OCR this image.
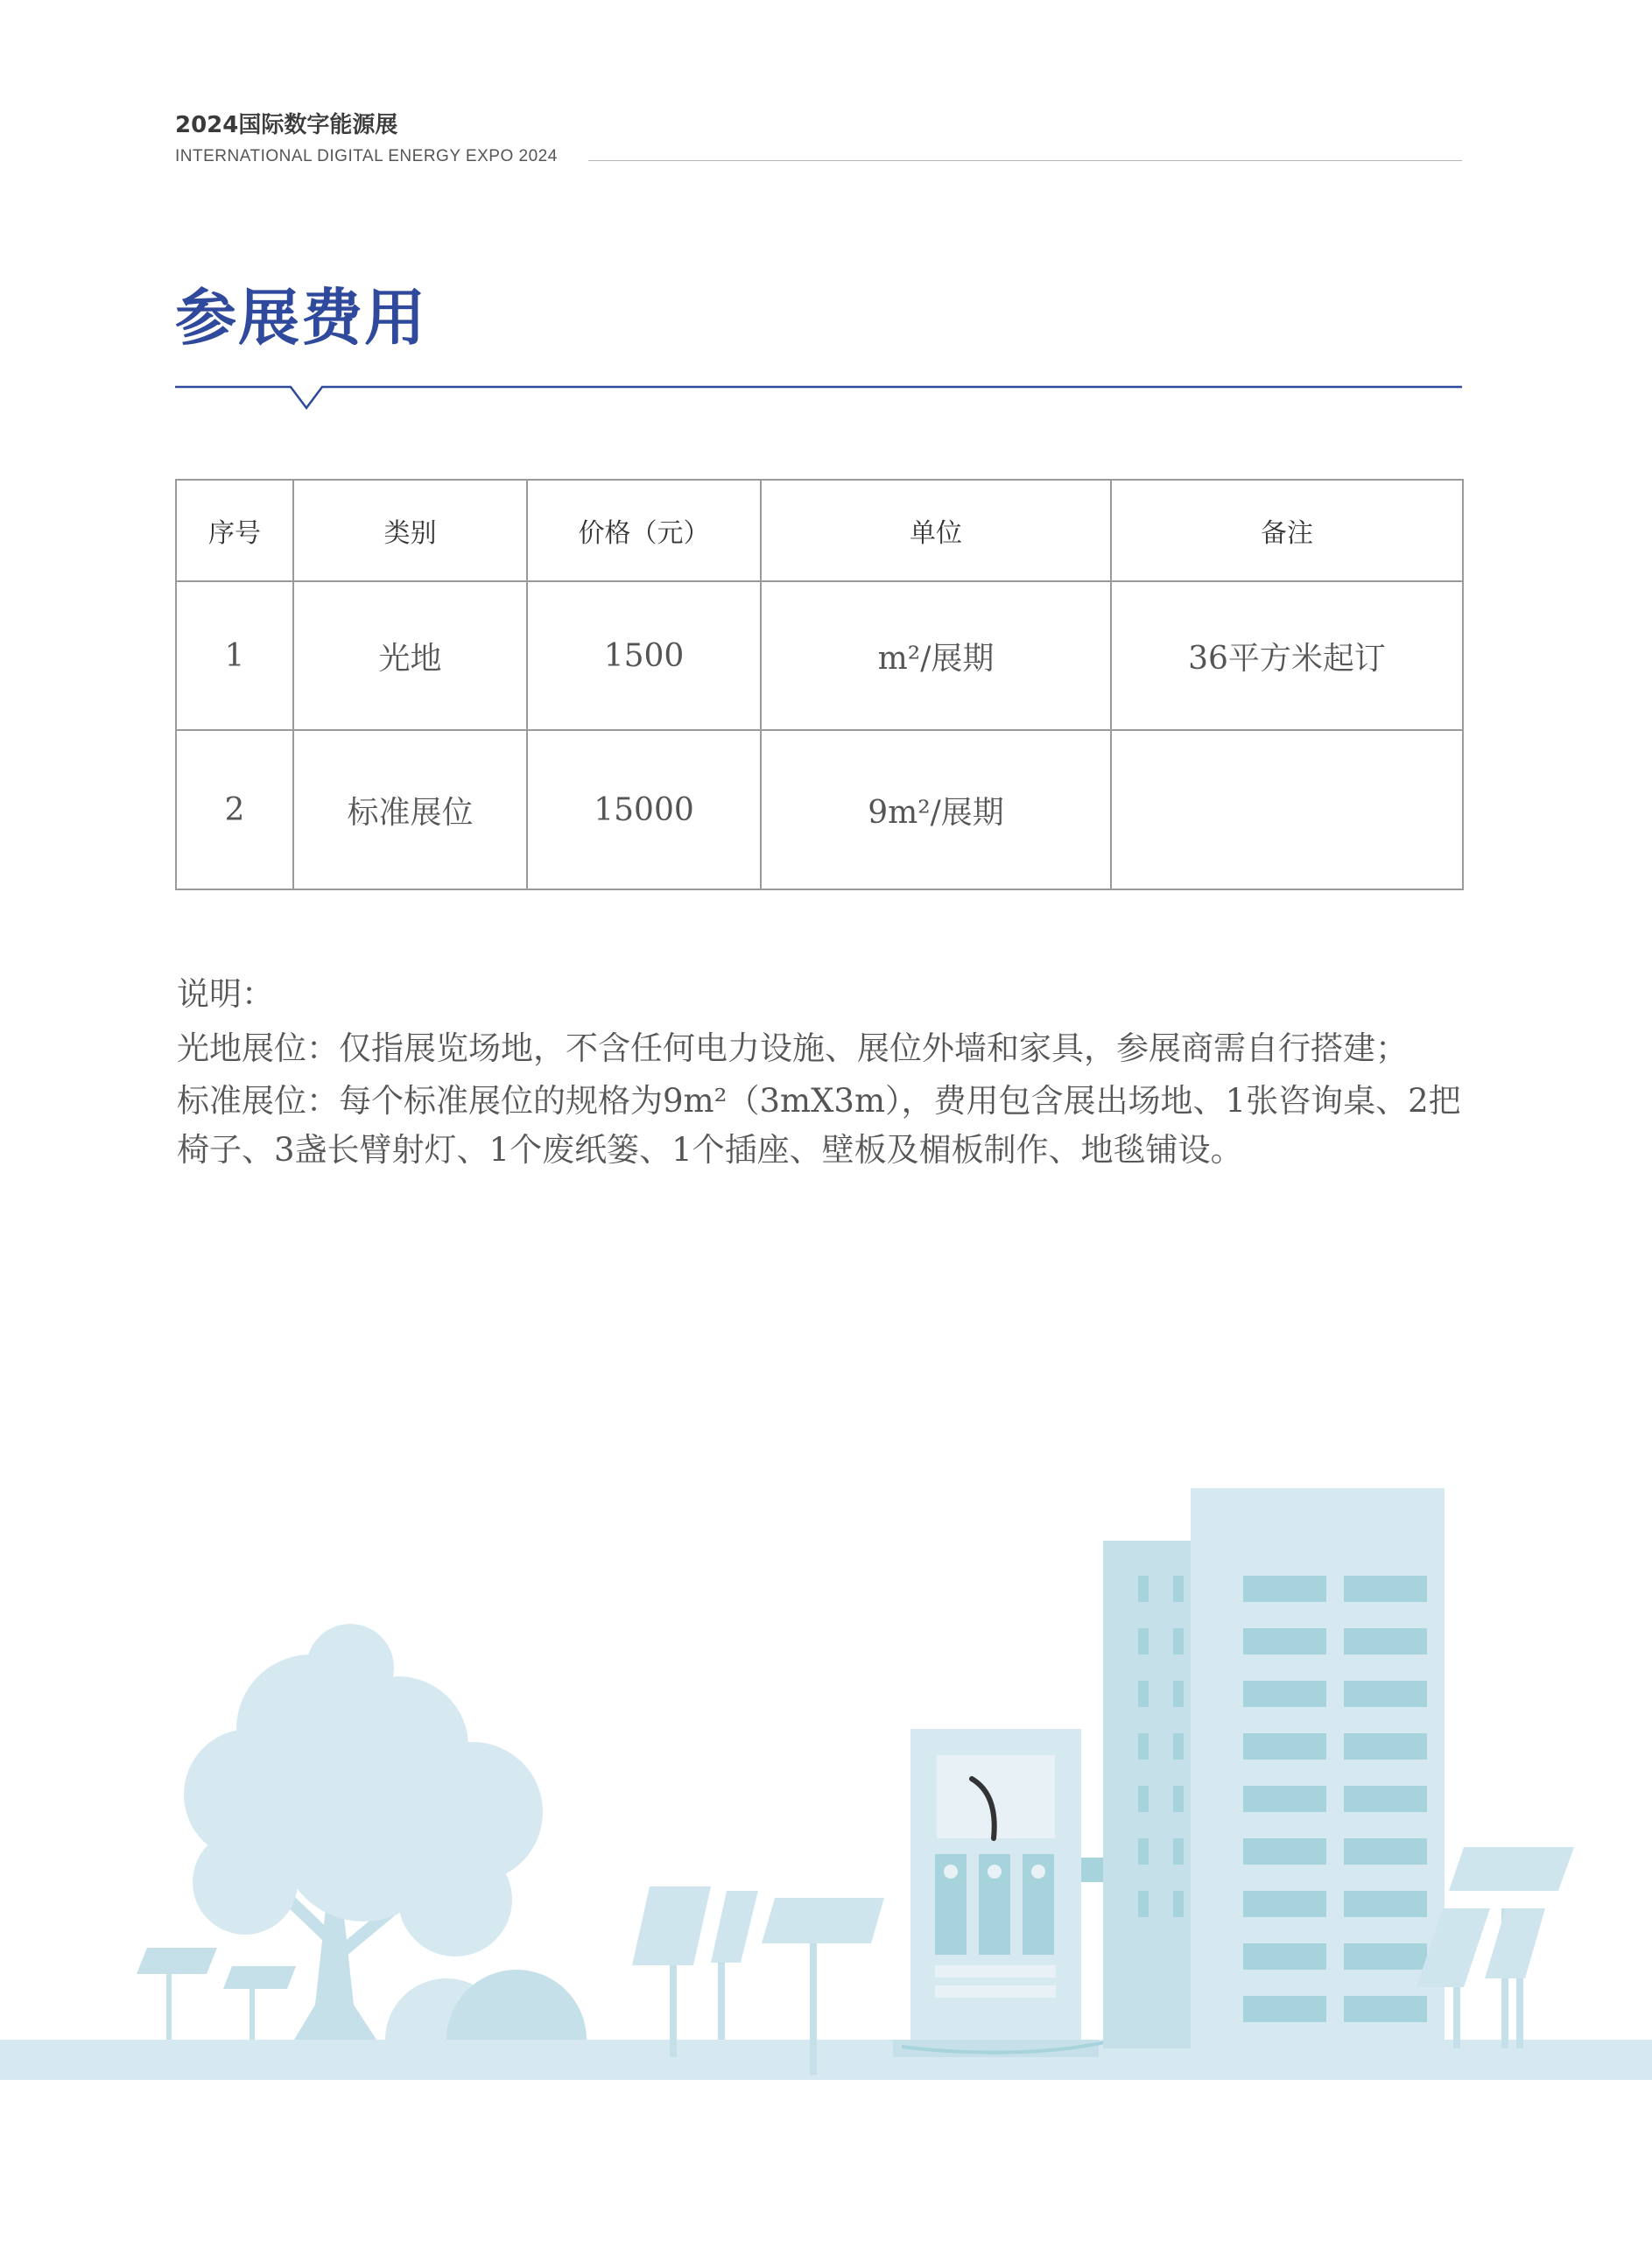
2024国际数字能源展
INTERNATIONAL DIGITAL ENERGY EXPO 2024
参展费用
序号	类别	价格（元）	单位	备注
1	光地	1500	m²/展期	36平方米起订
2	标准展位	15000	9m²/展期	

说明：

光地展位：仅指展览场地，不含任何电力设施、展位外墙和家具，参展商需自行搭建；

标准展位：每个标准展位的规格为9m²（3mX3m），费用包含展出场地、1张咨询桌、2把椅子、3盏长臂射灯、1个废纸篓、1个插座、壁板及楣板制作、地毯铺设。
